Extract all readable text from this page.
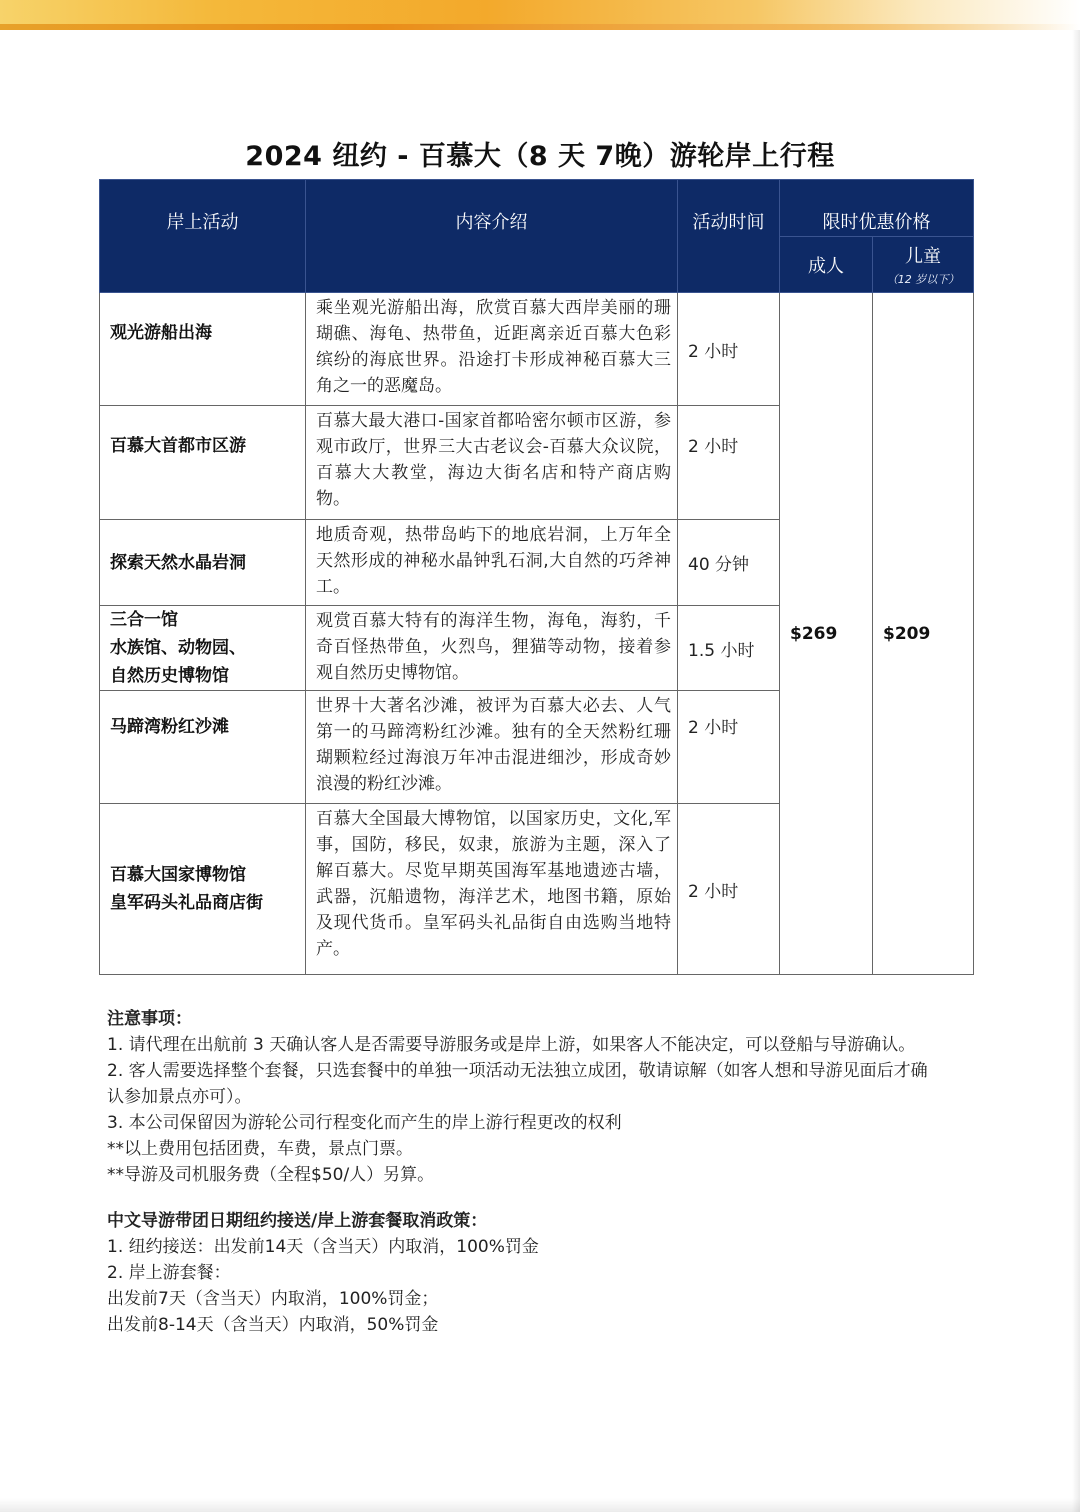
2024 纽约 - 百慕大（8 天 7晚）游轮岸上行程
岸上活动	内容介绍	活动时间	限时优惠价格	
			成人	儿童
（12 岁以下）

观光游船出海	乘坐观光游船出海，欣赏百慕大西岸美丽的珊瑚礁、海龟、热带鱼，近距离亲近百慕大色彩缤纷的海底世界。沿途打卡形成神秘百慕大三角之一的恶魔岛。	2 小时	$269	$209
百慕大首都市区游	百慕大最大港口-国家首都哈密尔顿市区游，参观市政厅，世界三大古老议会-百慕大众议院，百慕大大教堂，海边大街名店和特产商店购物。	2 小时		
探索天然水晶岩洞	地质奇观，热带岛屿下的地底岩洞，上万年全天然形成的神秘水晶钟乳石洞,大自然的巧斧神工。	40 分钟		

三合一馆
水族馆、动物园、
自然历史博物馆	观赏百慕大特有的海洋生物，海龟，海豹，千奇百怪热带鱼，火烈鸟，狸猫等动物，接着参观自然历史博物馆。	1.5 小时		
马蹄湾粉红沙滩	世界十大著名沙滩，被评为百慕大必去、人气第一的马蹄湾粉红沙滩。独有的全天然粉红珊瑚颗粒经过海浪万年冲击混进细沙，形成奇妙浪漫的粉红沙滩。	2 小时		

百慕大国家博物馆
皇军码头礼品商店街	百慕大全国最大博物馆，以国家历史，文化,军事，国防，移民，奴隶，旅游为主题，深入了解百慕大。尽览早期英国海军基地遗迹古墙，武器，沉船遗物，海洋艺术，地图书籍，原始及现代货币。皇军码头礼品街自由选购当地特产。	2 小时		

注意事项：

1. 请代理在出航前 3 天确认客人是否需要导游服务或是岸上游，如果客人不能决定，可以登船与导游确认。

2. 客人需要选择整个套餐，只选套餐中的单独一项活动无法独立成团，敬请谅解（如客人想和导游见面后才确认参加景点亦可）。

3. 本公司保留因为游轮公司行程变化而产生的岸上游行程更改的权利

**以上费用包括团费，车费，景点门票。

**导游及司机服务费（全程$50/人）另算。

中文导游带团日期纽约接送/岸上游套餐取消政策：

1. 纽约接送：出发前14天（含当天）内取消，100%罚金

2. 岸上游套餐：

出发前7天（含当天）内取消，100%罚金；

出发前8-14天（含当天）内取消，50%罚金
